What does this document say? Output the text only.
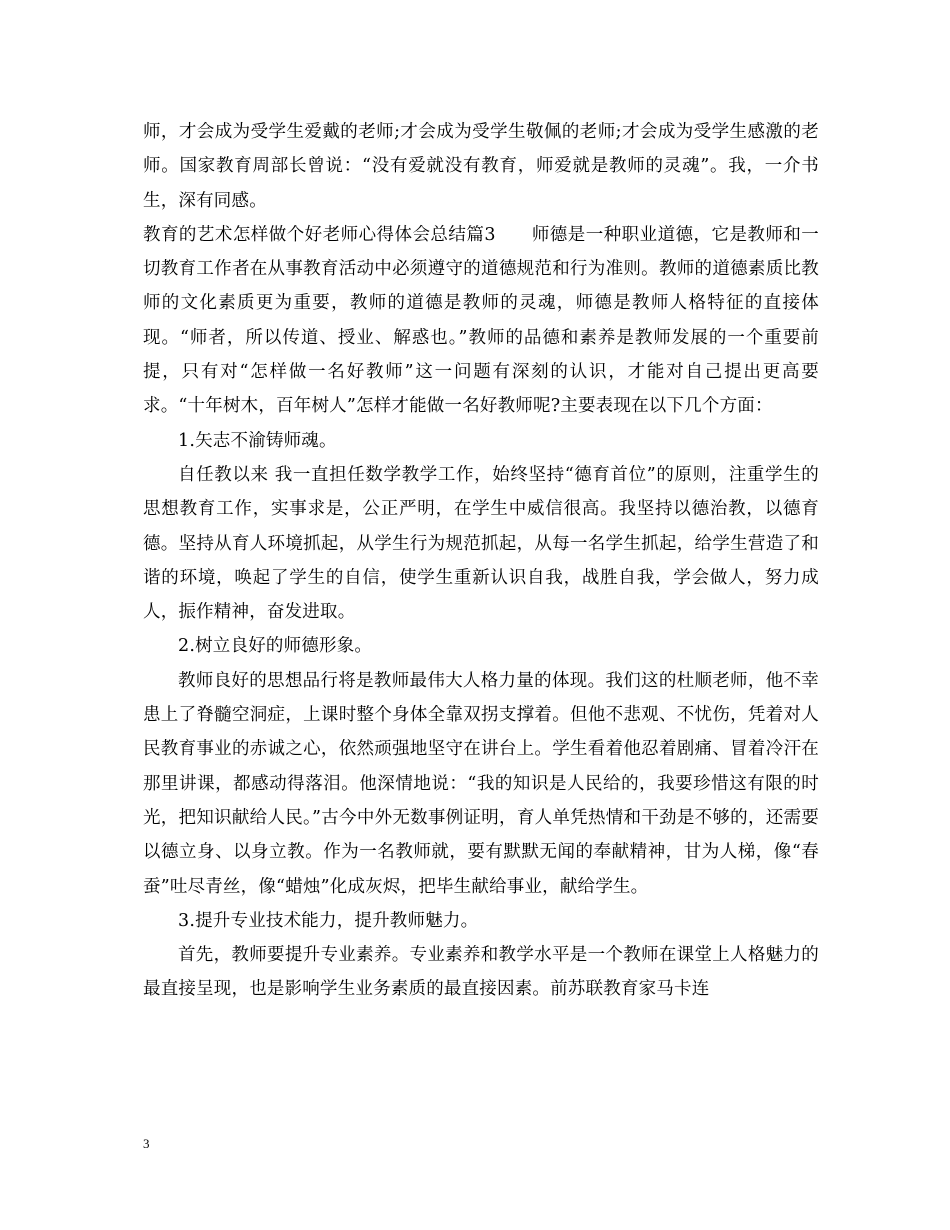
师，才会成为受学生爱戴的老师;才会成为受学生敬佩的老师;才会成为受学生感激的老师。国家教育周部长曾说：“没有爱就没有教育，师爱就是教师的灵魂”。我，一介书生，深有同感。

教育的艺术怎样做个好老师心得体会总结篇3　　师德是一种职业道德，它是教师和一切教育工作者在从事教育活动中必须遵守的道德规范和行为准则。教师的道德素质比教师的文化素质更为重要，教师的道德是教师的灵魂，师德是教师人格特征的直接体现。“师者，所以传道、授业、解惑也。”教师的品德和素养是教师发展的一个重要前提，只有对“怎样做一名好教师”这一问题有深刻的认识，才能对自己提出更高要求。“十年树木，百年树人”怎样才能做一名好教师呢?主要表现在以下几个方面：

1.矢志不渝铸师魂。

自任教以来 我一直担任数学教学工作，始终坚持“德育首位”的原则，注重学生的思想教育工作，实事求是，公正严明，在学生中威信很高。我坚持以德治教，以德育德。坚持从育人环境抓起，从学生行为规范抓起，从每一名学生抓起，给学生营造了和谐的环境，唤起了学生的自信，使学生重新认识自我，战胜自我，学会做人，努力成人，振作精神，奋发进取。

2.树立良好的师德形象。

教师良好的思想品行将是教师最伟大人格力量的体现。我们这的杜顺老师，他不幸患上了脊髓空洞症，上课时整个身体全靠双拐支撑着。但他不悲观、不忧伤，凭着对人民教育事业的赤诚之心，依然顽强地坚守在讲台上。学生看着他忍着剧痛、冒着冷汗在那里讲课，都感动得落泪。他深情地说：“我的知识是人民给的，我要珍惜这有限的时光，把知识献给人民。”古今中外无数事例证明，育人单凭热情和干劲是不够的，还需要以德立身、以身立教。作为一名教师就，要有默默无闻的奉献精神，甘为人梯，像“春蚕”吐尽青丝，像“蜡烛”化成灰烬，把毕生献给事业，献给学生。

3.提升专业技术能力，提升教师魅力。

首先，教师要提升专业素养。专业素养和教学水平是一个教师在课堂上人格魅力的最直接呈现，也是影响学生业务素质的最直接因素。前苏联教育家马卡连

3
